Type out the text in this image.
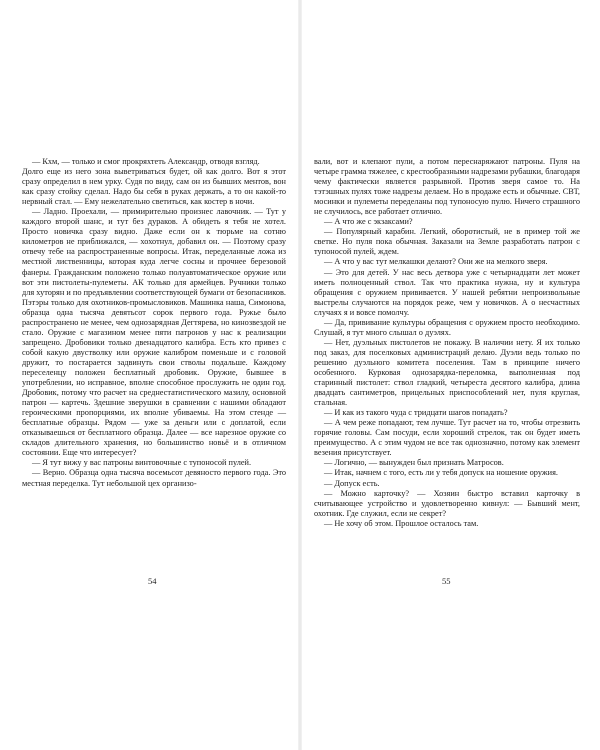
— Кхм, — только и смог прокряхтеть Александр, отводя взгляд.

Долго еще из него зона выветриваться будет, ой как долго. Вот я этот сразу определил в нем урку. Судя по виду, сам он из бывших ментов, вон как сразу стойку сделал. Надо бы себя в руках держать, а то он какой-то нервный стал. — Ему нежелательно светиться, как костер в ночи.

— Ладно. Проехали, — примирительно произнес лавочник. — Тут у каждого второй шанс, и тут без дураков. А обидеть я тебя не хотел. Просто новичка сразу видно. Даже если он к тюрьме на сотню километров не приближался, — хохотнул, добавил он. — Поэтому сразу отвечу тебе на распространенные вопросы. Итак, переделанные ложа из местной лиственницы, которая куда легче сосны и прочнее березовой фанеры. Гражданским положено только полуавтоматическое оружие или вот эти пистолеты-пулеметы. АК только для армейцев. Ручники только для хуторян и по предъявлении соответствующей бумаги от безопасников. Пэтэры только для охотников-промысловиков. Машинка наша, Симонова, образца одна тысяча девятьсот сорок первого года. Ружье было распространено не менее, чем однозарядная Дегтярева, но кинозвездой не стало. Оружие с магазином менее пяти патронов у нас к реализации запрещено. Дробовики только двенадцатого калибра. Есть кто привез с собой какую двустволку или оружие калибром поменьше и с головой дружит, то постарается задвинуть свои стволы подальше. Каждому переселенцу положен бесплатный дробовик. Оружие, бывшее в употреблении, но исправное, вполне способное прослужить не один год. Дробовик, потому что расчет на среднестатистического мазилу, основной патрон — картечь. Здешние зверушки в сравнении с нашими обладают героическими пропорциями, их вполне убиваемы. На этом стенде — бесплатные образцы. Рядом — уже за деньги или с доплатой, если отказываешься от бесплатного образца. Далее — все нарезное оружие со складов длительного хранения, но большинство новьё и в отличном состоянии. Еще что интересует?

— Я тут вижу у вас патроны винтовочные с тупоносой пулей.

— Верно. Образца одна тысяча восемьсот девяносто первого года. Это местная переделка. Тут небольшой цех организо-

54

вали, вот и клепают пули, а потом переснаряжают патроны. Пуля на четыре грамма тяжелее, с крестообразными надрезами рубашки, благодаря чему фактически является разрывной. Против зверя самое то. На тэтэшных пулях тоже надрезы делаем. Но в продаже есть и обычные. СВТ, мосинки и пулеметы переделаны под тупоносую пулю. Ничего страшного не случилось, все работает отлично.

— А что же с экзаксами?

— Популярный карабин. Легкий, оборотистый, не в пример той же светке. Но пуля пока обычная. Заказали на Земле разработать патрон с тупоносой пулей, ждем.

— А что у вас тут мелкашки делают? Они же на мелкого зверя.

— Это для детей. У нас весь детвора уже с четырнадцати лет может иметь полноценный ствол. Так что практика нужна, ну и культура обращения с оружием прививается. У нашей ребятни непроизвольные выстрелы случаются на порядок реже, чем у новичков. А о несчастных случаях я и вовсе помолчу.

— Да, прививание культуры обращения с оружием просто необходимо. Слушай, я тут много слышал о дуэлях.

— Нет, дуэльных пистолетов не покажу. В наличии нету. Я их только под заказ, для поселковых администраций делаю. Дуэли ведь только по решению дуэльного комитета поселения. Там в принципе ничего особенного. Курковая однозарядка-переломка, выполненная под старинный пистолет: ствол гладкий, четыреста десятого калибра, длина двадцать сантиметров, прицельных приспособлений нет, пуля круглая, стальная.

— И как из такого чуда с тридцати шагов попадать?

— А чем реже попадают, тем лучше. Тут расчет на то, чтобы отрезвить горячие головы. Сам посуди, если хороший стрелок, так он будет иметь преимущество. А с этим чудом не все так однозначно, потому как элемент везения присутствует.

— Логично, — вынужден был признать Матросов.

— Итак, начнем с того, есть ли у тебя допуск на ношение оружия.

— Допуск есть.

— Можно карточку? — Хозяин быстро вставил карточку в считывающее устройство и удовлетворенно кивнул: — Бывший мент, охотник. Где служил, если не секрет?

— Не хочу об этом. Прошлое осталось там.

55
